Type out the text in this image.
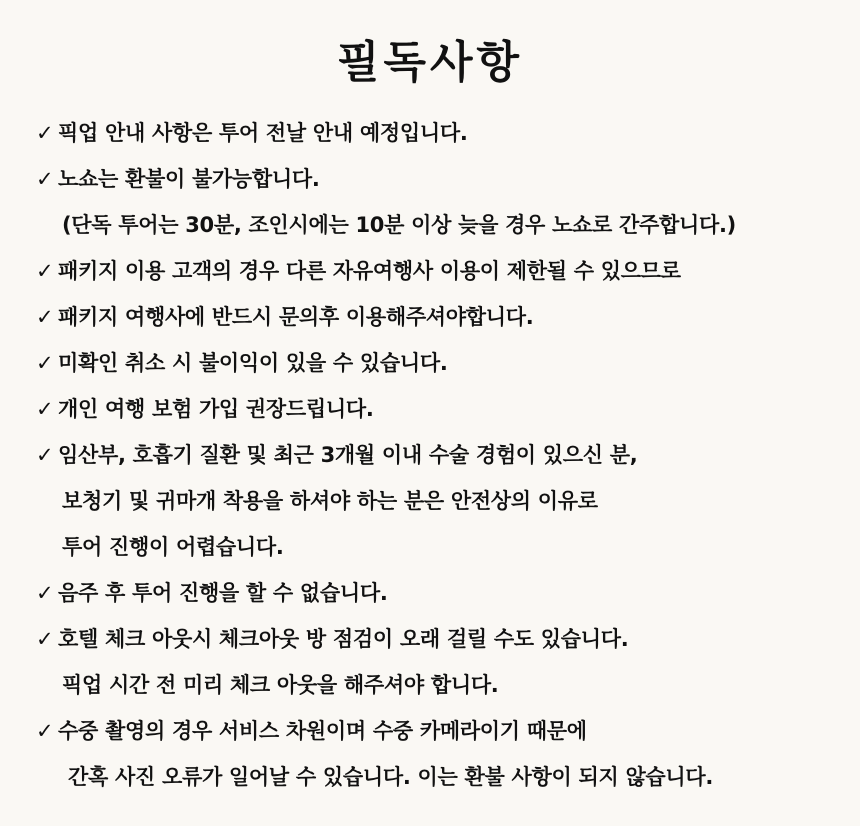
필독사항
✓ 픽업 안내 사항은 투어 전날 안내 예정입니다.
✓ 노쇼는 환불이 불가능합니다.
(단독 투어는 30분, 조인시에는 10분 이상 늦을 경우 노쇼로 간주합니다.)
✓ 패키지 이용 고객의 경우 다른 자유여행사 이용이 제한될 수 있으므로
✓ 패키지 여행사에 반드시 문의후 이용해주셔야합니다.
✓ 미확인 취소 시 불이익이 있을 수 있습니다.
✓ 개인 여행 보험 가입 권장드립니다.
✓ 임산부, 호흡기 질환 및 최근 3개월 이내 수술 경험이 있으신 분,
보청기 및 귀마개 착용을 하셔야 하는 분은 안전상의 이유로
투어 진행이 어렵습니다.
✓ 음주 후 투어 진행을 할 수 없습니다.
✓ 호텔 체크 아웃시 체크아웃 방 점검이 오래 걸릴 수도 있습니다.
픽업 시간 전 미리 체크 아웃을 해주셔야 합니다.
✓ 수중 촬영의 경우 서비스 차원이며 수중 카메라이기 때문에
간혹 사진 오류가 일어날 수 있습니다. 이는 환불 사항이 되지 않습니다.
